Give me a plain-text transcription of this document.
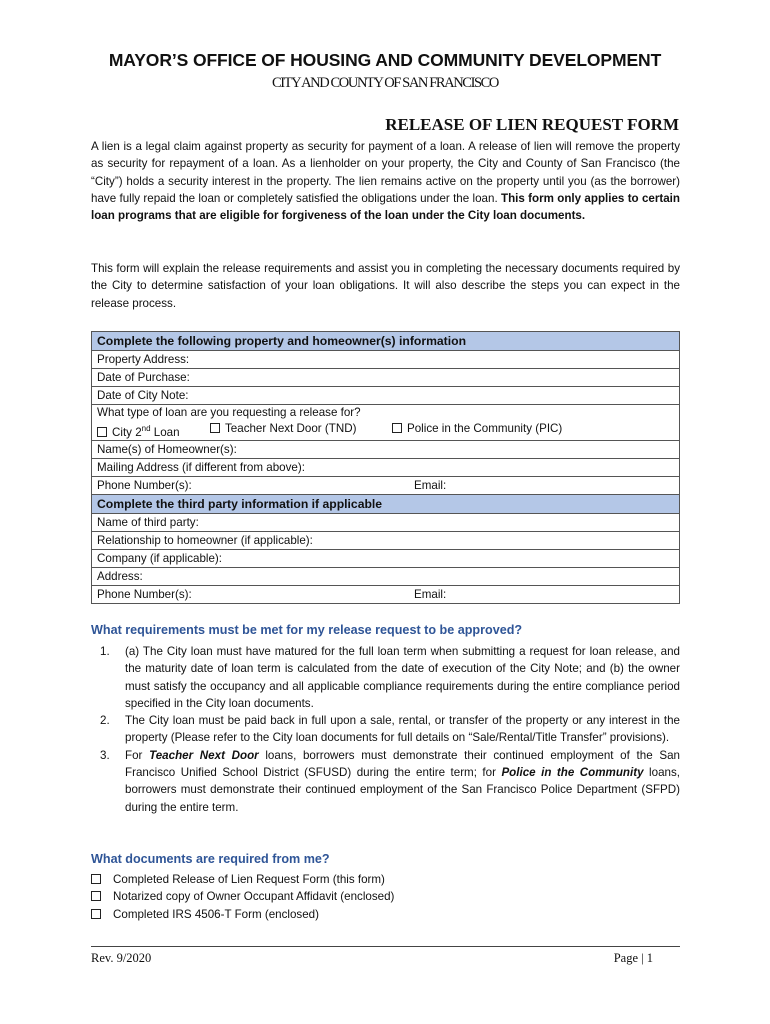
MAYOR’S OFFICE OF HOUSING AND COMMUNITY DEVELOPMENT
CITY AND COUNTY OF SAN FRANCISCO
RELEASE OF LIEN REQUEST FORM
A lien is a legal claim against property as security for payment of a loan. A release of lien will remove the property as security for repayment of a loan. As a lienholder on your property, the City and County of San Francisco (the “City”) holds a security interest in the property. The lien remains active on the property until you (as the borrower) have fully repaid the loan or completely satisfied the obligations under the loan. This form only applies to certain loan programs that are eligible for forgiveness of the loan under the City loan documents.
This form will explain the release requirements and assist you in completing the necessary documents required by the City to determine satisfaction of your loan obligations. It will also describe the steps you can expect in the release process.
Complete the following property and homeowner(s) information
Property Address:
Date of Purchase:
Date of City Note:

What type of loan are you requesting a release for?
City 2nd Loan	Teacher Next Door (TND)	Police in the Community (PIC)

Name(s) of Homeowner(s):
Mailing Address (if different from above):
Phone Number(s):	Email:

Complete the third party information if applicable
Name of third party:
Relationship to homeowner (if applicable):
Company (if applicable):
Address:
Phone Number(s):	Email:
What requirements must be met for my release request to be approved?
1. (a) The City loan must have matured for the full loan term when submitting a request for loan release, and the maturity date of loan term is calculated from the date of execution of the City Note; and (b) the owner must satisfy the occupancy and all applicable compliance requirements during the entire compliance period specified in the City loan documents.
2. The City loan must be paid back in full upon a sale, rental, or transfer of the property or any interest in the property (Please refer to the City loan documents for full details on “Sale/Rental/Title Transfer” provisions).
3. For Teacher Next Door loans, borrowers must demonstrate their continued employment of the San Francisco Unified School District (SFUSD) during the entire term; for Police in the Community loans, borrowers must demonstrate their continued employment of the San Francisco Police Department (SFPD) during the entire term.
What documents are required from me?
Completed Release of Lien Request Form (this form)
Notarized copy of Owner Occupant Affidavit (enclosed)
Completed IRS 4506-T Form (enclosed)
Rev. 9/2020	Page | 1
